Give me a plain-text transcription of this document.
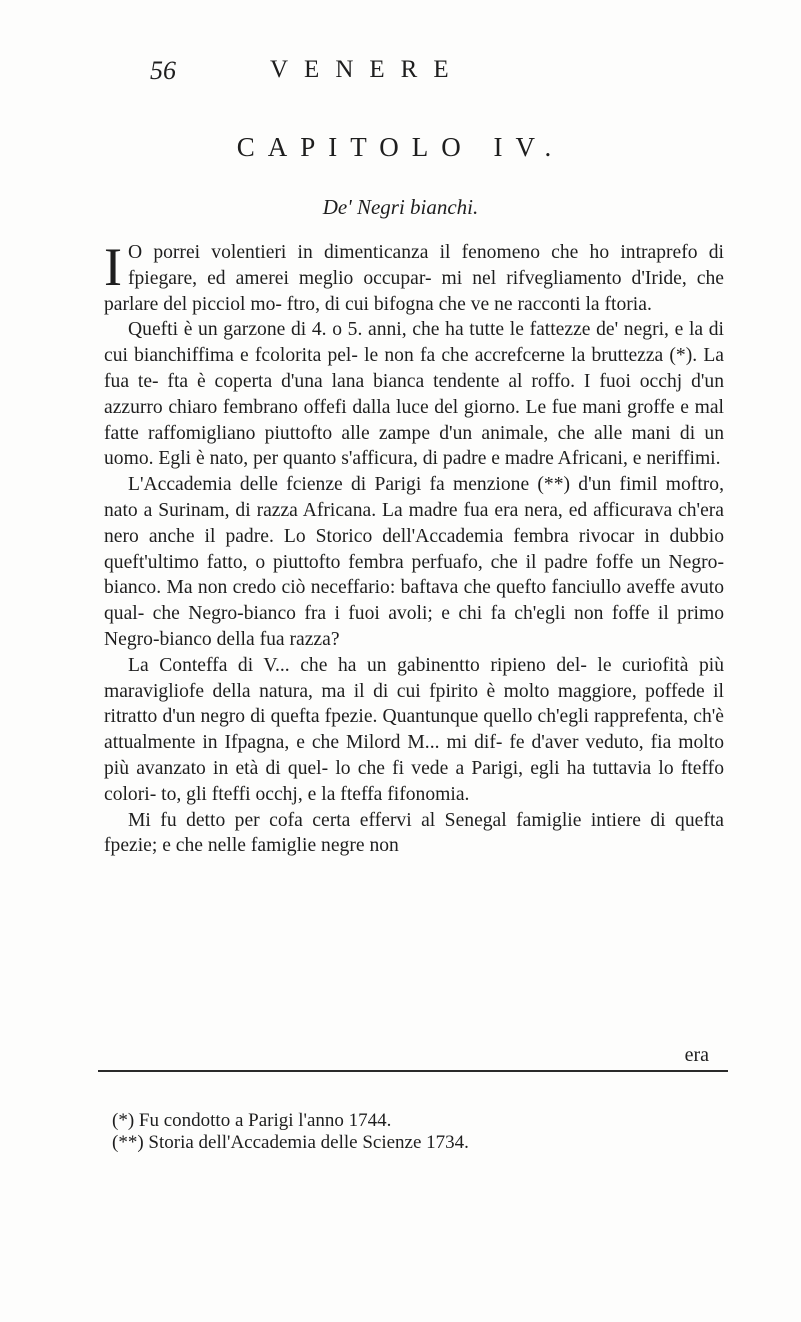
56	VENERE
CAPITOLO IV.
De' Negri bianchi.

I O porrei volentieri in dimenticanza il fenomeno che ho intraprefo di fpiegare, ed amerei meglio occupar- mi nel rifvegliamento d'Iride, che parlare del picciol mo- ftro, di cui bifogna che ve ne racconti la ftoria.

Quefti è un garzone di 4. o 5. anni, che ha tutte le fattezze de' negri, e la di cui bianchiffima e fcolorita pel- le non fa che accrefcerne la bruttezza (*). La fua te- fta è coperta d'una lana bianca tendente al roffo. I fuoi occhj d'un azzurro chiaro fembrano offefi dalla luce del giorno. Le fue mani groffe e mal fatte raffomigliano piuttofto alle zampe d'un animale, che alle mani di un uomo. Egli è nato, per quanto s'afficura, di padre e madre Africani, e neriffimi.

L'Accademia delle fcienze di Parigi fa menzione (**) d'un fimil moftro, nato a Surinam, di razza Africana. La madre fua era nera, ed afficurava ch'era nero anche il padre. Lo Storico dell'Accademia fembra rivocar in dubbio queft'ultimo fatto, o piuttofto fembra perfuafo, che il padre foffe un Negro-bianco. Ma non credo ciò neceffario: baftava che quefto fanciullo aveffe avuto qual- che Negro-bianco fra i fuoi avoli; e chi fa ch'egli non foffe il primo Negro-bianco della fua razza?

La Conteffa di V... che ha un gabinentto ripieno del- le curiofità più maravigliofe della natura, ma il di cui fpirito è molto maggiore, poffede il ritratto d'un negro di quefta fpezie. Quantunque quello ch'egli rapprefenta, ch'è attualmente in Ifpagna, e che Milord M... mi dif- fe d'aver veduto, fia molto più avanzato in età di quel- lo che fi vede a Parigi, egli ha tuttavia lo fteffo colori- to, gli fteffi occhj, e la fteffa fifonomia.

Mi fu detto per cofa certa effervi al Senegal famiglie intiere di quefta fpezie; e che nelle famiglie negre non

era

(*) Fu condotto a Parigi l'anno 1744.

(**) Storia dell'Accademia delle Scienze 1734.
